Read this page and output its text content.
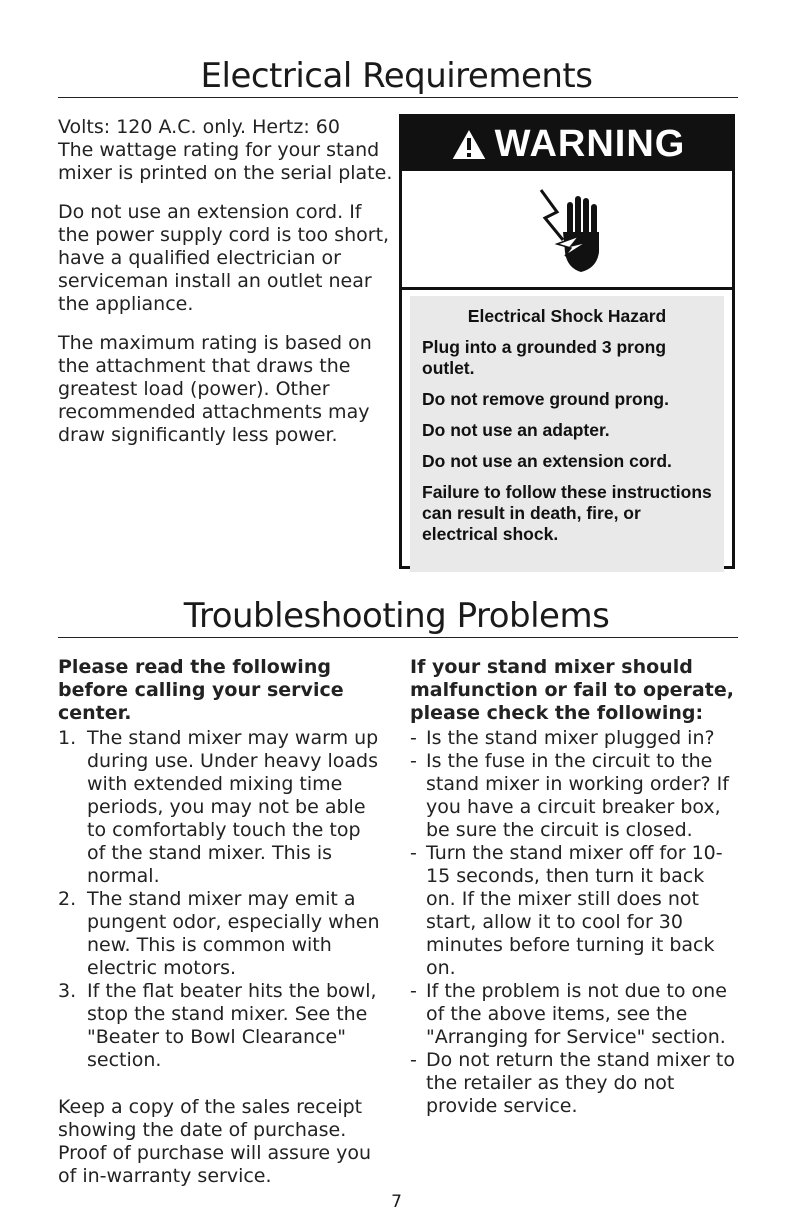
Electrical Requirements

Volts: 120 A.C. only. Hertz: 60
The wattage rating for your stand mixer is printed on the serial plate.

Do not use an extension cord. If the power supply cord is too short, have a qualified electrician or serviceman install an outlet near the appliance.

The maximum rating is based on the attachment that draws the greatest load (power). Other recommended attachments may draw significantly less power.

WARNING

Electrical Shock Hazard

Plug into a grounded 3 prong outlet.

Do not remove ground prong.

Do not use an adapter.

Do not use an extension cord.

Failure to follow these instructions can result in death, fire, or electrical shock.

Troubleshooting Problems

Please read the following before calling your service center.

1. The stand mixer may warm up during use. Under heavy loads with extended mixing time periods, you may not be able to comfortably touch the top of the stand mixer. This is normal.
2. The stand mixer may emit a pungent odor, especially when new. This is common with electric motors.
3. If the flat beater hits the bowl, stop the stand mixer. See the "Beater to Bowl Clearance" section.

Keep a copy of the sales receipt showing the date of purchase. Proof of purchase will assure you of in-warranty service.

If your stand mixer should malfunction or fail to operate, please check the following:

- Is the stand mixer plugged in?
- Is the fuse in the circuit to the stand mixer in working order? If you have a circuit breaker box, be sure the circuit is closed.
- Turn the stand mixer off for 10-15 seconds, then turn it back on. If the mixer still does not start, allow it to cool for 30 minutes before turning it back on.
- If the problem is not due to one of the above items, see the "Arranging for Service" section.
- Do not return the stand mixer to the retailer as they do not provide service.
7
